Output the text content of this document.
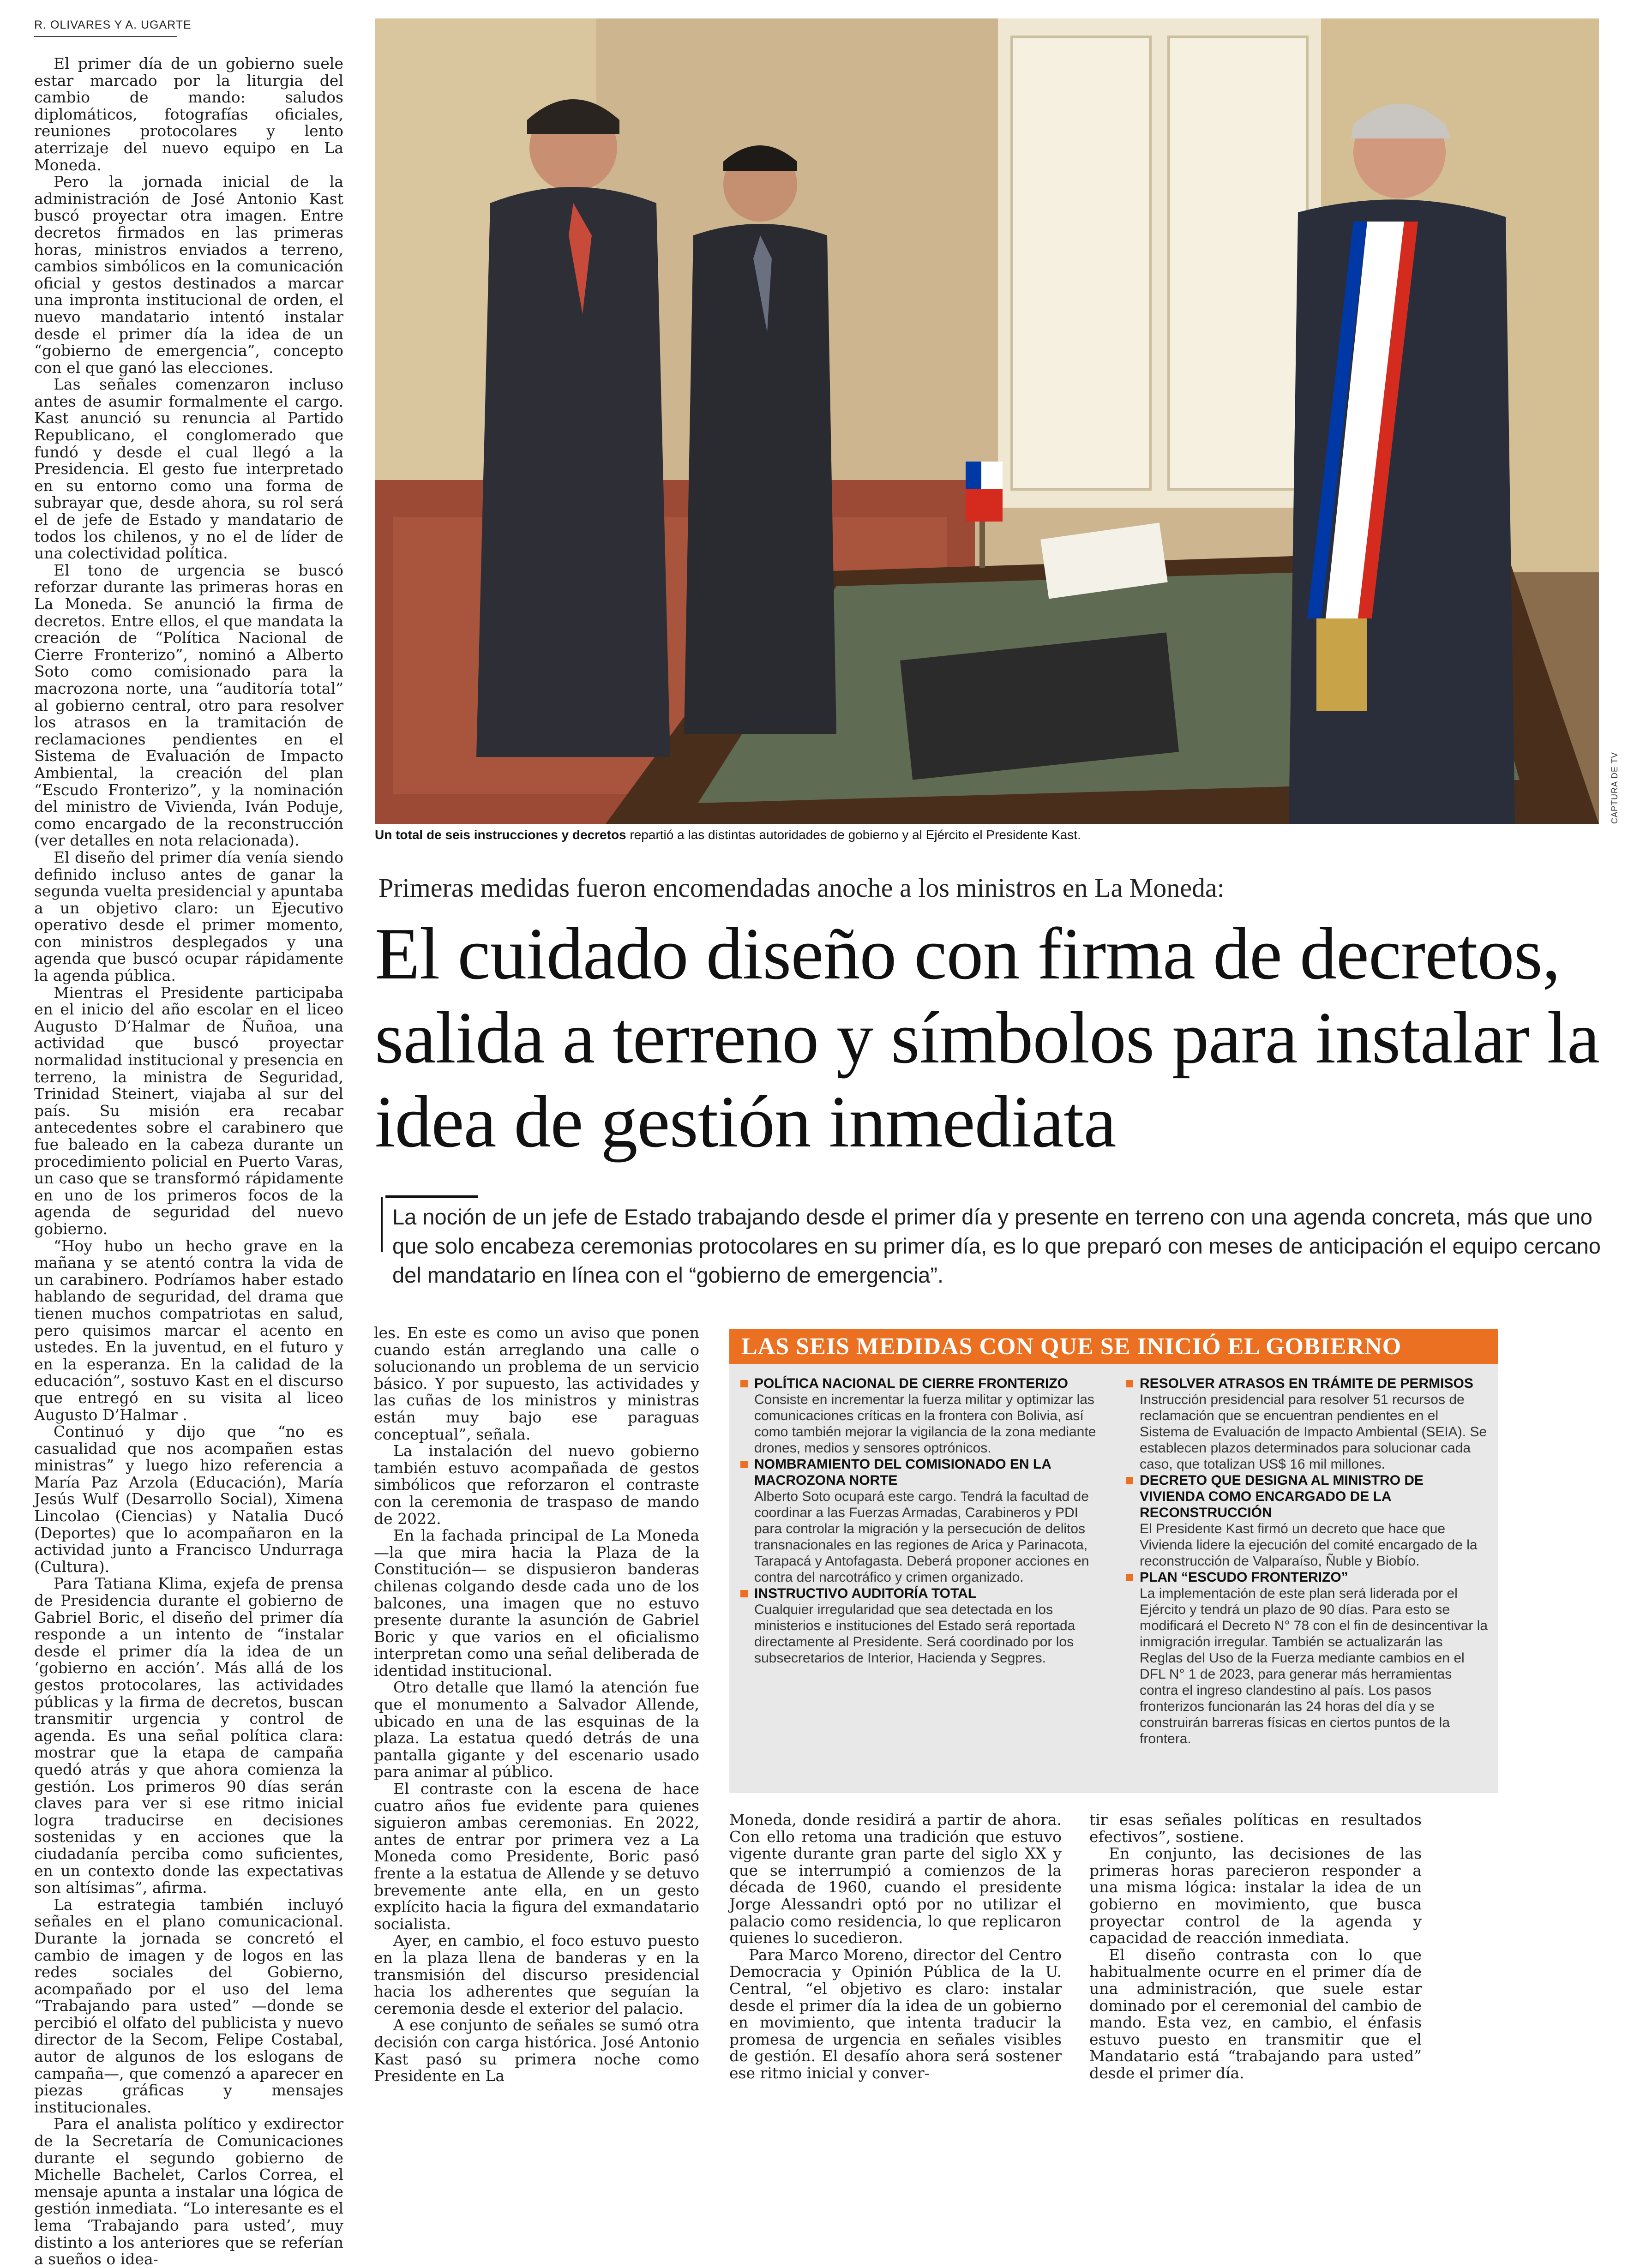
R. OLIVARES Y A. UGARTE

El primer día de un gobierno suele estar marcado por la liturgia del cambio de mando: saludos diplomáticos, fotografías oficiales, reuniones protocolares y lento aterrizaje del nuevo equipo en La Moneda.

Pero la jornada inicial de la administración de José Antonio Kast buscó proyectar otra imagen. Entre decretos firmados en las primeras horas, ministros enviados a terreno, cambios simbólicos en la comunicación oficial y gestos destinados a marcar una impronta institucional de orden, el nuevo mandatario intentó instalar desde el primer día la idea de un “gobierno de emergencia”, concepto con el que ganó las elecciones.

Las señales comenzaron incluso antes de asumir formalmente el cargo. Kast anunció su renuncia al Partido Republicano, el conglomerado que fundó y desde el cual llegó a la Presidencia. El gesto fue interpretado en su entorno como una forma de subrayar que, desde ahora, su rol será el de jefe de Estado y mandatario de todos los chilenos, y no el de líder de una colectividad política.

El tono de urgencia se buscó reforzar durante las primeras horas en La Moneda. Se anunció la firma de decretos. Entre ellos, el que mandata la creación de “Política Nacional de Cierre Fronterizo”, nominó a Alberto Soto como comisionado para la macrozona norte, una “auditoría total” al gobierno central, otro para resolver los atrasos en la tramitación de reclamaciones pendientes en el Sistema de Evaluación de Impacto Ambiental, la creación del plan “Escudo Fronterizo”, y la nominación del ministro de Vivienda, Iván Poduje, como encargado de la reconstrucción (ver detalles en nota relacionada).

El diseño del primer día venía siendo definido incluso antes de ganar la segunda vuelta presidencial y apuntaba a un objetivo claro: un Ejecutivo operativo desde el primer momento, con ministros desplegados y una agenda que buscó ocupar rápidamente la agenda pública.

Mientras el Presidente participaba en el inicio del año escolar en el liceo Augusto D’Halmar de Ñuñoa, una actividad que buscó proyectar normalidad institucional y presencia en terreno, la ministra de Seguridad, Trinidad Steinert, viajaba al sur del país. Su misión era recabar antecedentes sobre el carabinero que fue baleado en la cabeza durante un procedimiento policial en Puerto Varas, un caso que se transformó rápidamente en uno de los primeros focos de la agenda de seguridad del nuevo gobierno.

“Hoy hubo un hecho grave en la mañana y se atentó contra la vida de un carabinero. Podríamos haber estado hablando de seguridad, del drama que tienen muchos compatriotas en salud, pero quisimos marcar el acento en ustedes. En la juventud, en el futuro y en la esperanza. En la calidad de la educación”, sostuvo Kast en el discurso que entregó en su visita al liceo Augusto D’Halmar .

Continuó y dijo que “no es casualidad que nos acompañen estas ministras” y luego hizo referencia a María Paz Arzola (Educación), María Jesús Wulf (Desarrollo Social), Ximena Lincolao (Ciencias) y Natalia Ducó (Deportes) que lo acompañaron en la actividad junto a Francisco Undurraga (Cultura).

Para Tatiana Klima, exjefa de prensa de Presidencia durante el gobierno de Gabriel Boric, el diseño del primer día responde a un intento de “instalar desde el primer día la idea de un ‘gobierno en acción’. Más allá de los gestos protocolares, las actividades públicas y la firma de decretos, buscan transmitir urgencia y control de agenda. Es una señal política clara: mostrar que la etapa de campaña quedó atrás y que ahora comienza la gestión. Los primeros 90 días serán claves para ver si ese ritmo inicial logra traducirse en decisiones sostenidas y en acciones que la ciudadanía perciba como suficientes, en un contexto donde las expectativas son altísimas”, afirma.

La estrategia también incluyó señales en el plano comunicacional. Durante la jornada se concretó el cambio de imagen y de logos en las redes sociales del Gobierno, acompañado por el uso del lema “Trabajando para usted” —donde se percibió el olfato del publicista y nuevo director de la Secom, Felipe Costabal, autor de algunos de los eslogans de campaña—, que comenzó a aparecer en piezas gráficas y mensajes institucionales.

Para el analista político y exdirector de la Secretaría de Comunicaciones durante el segundo gobierno de Michelle Bachelet, Carlos Correa, el mensaje apunta a instalar una lógica de gestión inmediata. “Lo interesante es el lema ‘Trabajando para usted’, muy distinto a los anteriores que se referían a sueños o idea-

CAPTURA DE TV
Un total de seis instrucciones y decretos repartió a las distintas autoridades de gobierno y al Ejército el Presidente Kast.
Primeras medidas fueron encomendadas anoche a los ministros en La Moneda:
El cuidado diseño con firma de decretos, salida a terreno y símbolos para instalar la idea de gestión inmediata

La noción de un jefe de Estado trabajando desde el primer día y presente en terreno con una agenda concreta, más que uno que solo encabeza ceremonias protocolares en su primer día, es lo que preparó con meses de anticipación el equipo cercano del mandatario en línea con el “gobierno de emergencia”.

les. En este es como un aviso que ponen cuando están arreglando una calle o solucionando un problema de un servicio básico. Y por supuesto, las actividades y las cuñas de los ministros y ministras están muy bajo ese paraguas conceptual”, señala.

La instalación del nuevo gobierno también estuvo acompañada de gestos simbólicos que reforzaron el contraste con la ceremonia de traspaso de mando de 2022.

En la fachada principal de La Moneda —la que mira hacia la Plaza de la Constitución— se dispusieron banderas chilenas colgando desde cada uno de los balcones, una imagen que no estuvo presente durante la asunción de Gabriel Boric y que varios en el oficialismo interpretan como una señal deliberada de identidad institucional.

Otro detalle que llamó la atención fue que el monumento a Salvador Allende, ubicado en una de las esquinas de la plaza. La estatua quedó detrás de una pantalla gigante y del escenario usado para animar al público.

El contraste con la escena de hace cuatro años fue evidente para quienes siguieron ambas ceremonias. En 2022, antes de entrar por primera vez a La Moneda como Presidente, Boric pasó frente a la estatua de Allende y se detuvo brevemente ante ella, en un gesto explícito hacia la figura del exmandatario socialista.

Ayer, en cambio, el foco estuvo puesto en la plaza llena de banderas y en la transmisión del discurso presidencial hacia los adherentes que seguían la ceremonia desde el exterior del palacio.

A ese conjunto de señales se sumó otra decisión con carga histórica. José Antonio Kast pasó su primera noche como Presidente en La

LAS SEIS MEDIDAS CON QUE SE INICIÓ EL GOBIERNO
POLÍTICA NACIONAL DE CIERRE FRONTERIZO
Consiste en incrementar la fuerza militar y optimizar las comunicaciones críticas en la frontera con Bolivia, así como también mejorar la vigilancia de la zona mediante drones, medios y sensores optrónicos.
NOMBRAMIENTO DEL COMISIONADO EN LA MACROZONA NORTE
Alberto Soto ocupará este cargo. Tendrá la facultad de coordinar a las Fuerzas Armadas, Carabineros y PDI para controlar la migración y la persecución de delitos transnacionales en las regiones de Arica y Parinacota, Tarapacá y Antofagasta. Deberá proponer acciones en contra del narcotráfico y crimen organizado.
INSTRUCTIVO AUDITORÍA TOTAL
Cualquier irregularidad que sea detectada en los ministerios e instituciones del Estado será reportada directamente al Presidente. Será coordinado por los subsecretarios de Interior, Hacienda y Segpres.
RESOLVER ATRASOS EN TRÁMITE DE PERMISOS
Instrucción presidencial para resolver 51 recursos de reclamación que se encuentran pendientes en el Sistema de Evaluación de Impacto Ambiental (SEIA). Se establecen plazos determinados para solucionar cada caso, que totalizan US$ 16 mil millones.
DECRETO QUE DESIGNA AL MINISTRO DE VIVIENDA COMO ENCARGADO DE LA RECONSTRUCCIÓN
El Presidente Kast firmó un decreto que hace que Vivienda lidere la ejecución del comité encargado de la reconstrucción de Valparaíso, Ñuble y Biobío.
PLAN “ESCUDO FRONTERIZO”
La implementación de este plan será liderada por el Ejército y tendrá un plazo de 90 días. Para esto se modificará el Decreto N° 78 con el fin de desincentivar la inmigración irregular. También se actualizarán las Reglas del Uso de la Fuerza mediante cambios en el DFL N° 1 de 2023, para generar más herramientas contra el ingreso clandestino al país. Los pasos fronterizos funcionarán las 24 horas del día y se construirán barreras físicas en ciertos puntos de la frontera.

Moneda, donde residirá a partir de ahora. Con ello retoma una tradición que estuvo vigente durante gran parte del siglo XX y que se interrumpió a comienzos de la década de 1960, cuando el presidente Jorge Alessandri optó por no utilizar el palacio como residencia, lo que replicaron quienes lo sucedieron.

Para Marco Moreno, director del Centro Democracia y Opinión Pública de la U. Central, “el objetivo es claro: instalar desde el primer día la idea de un gobierno en movimiento, que intenta traducir la promesa de urgencia en señales visibles de gestión. El desafío ahora será sostener ese ritmo inicial y conver-

tir esas señales políticas en resultados efectivos”, sostiene.

En conjunto, las decisiones de las primeras horas parecieron responder a una misma lógica: instalar la idea de un gobierno en movimiento, que busca proyectar control de la agenda y capacidad de reacción inmediata.

El diseño contrasta con lo que habitualmente ocurre en el primer día de una administración, que suele estar dominado por el ceremonial del cambio de mando. Esta vez, en cambio, el énfasis estuvo puesto en transmitir que el Mandatario está “trabajando para usted” desde el primer día.
